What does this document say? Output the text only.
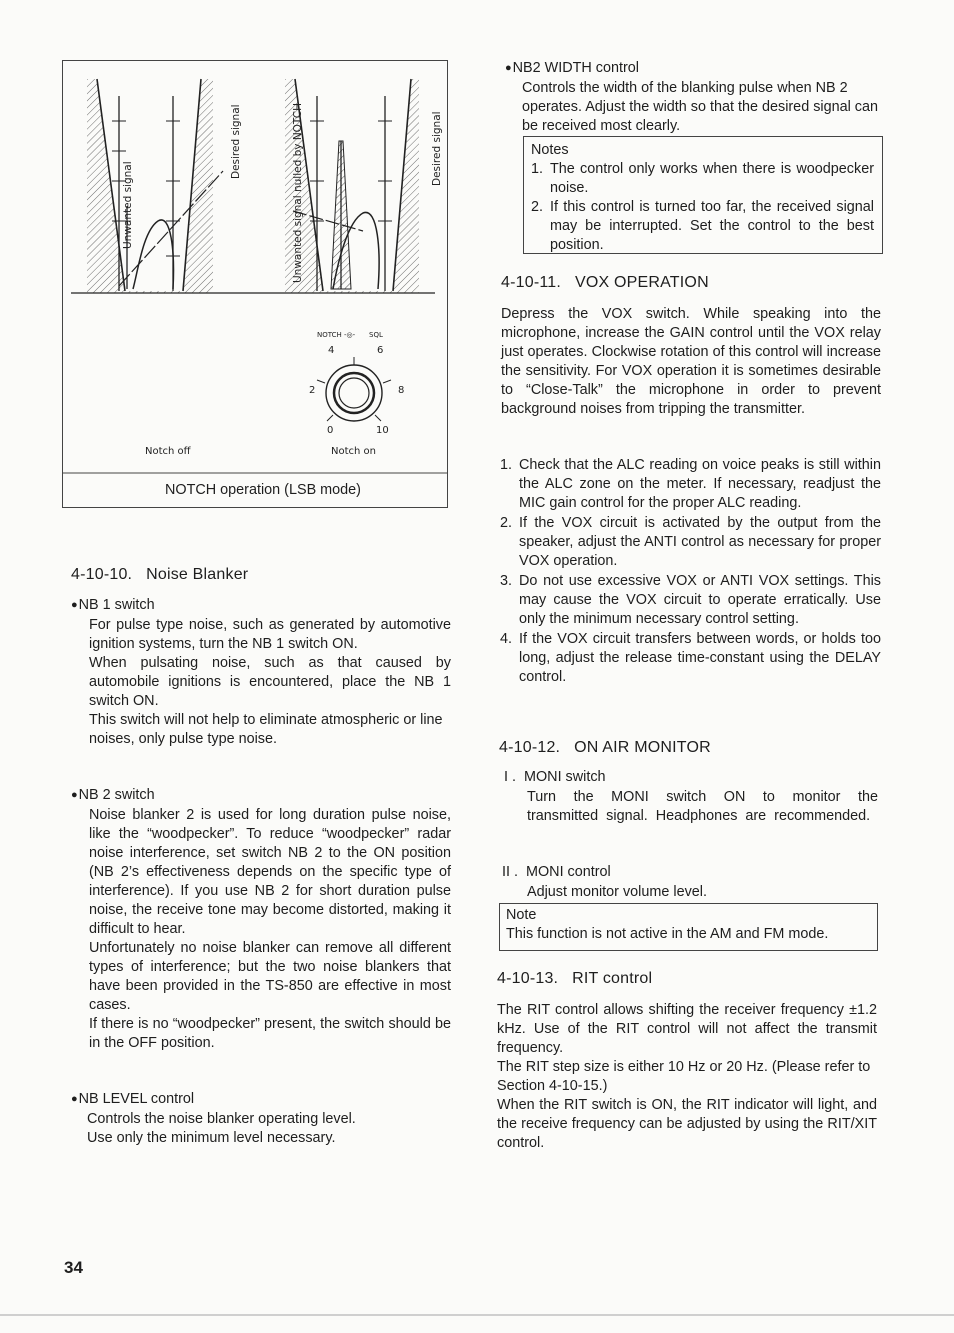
Unwanted signal
Desired signal	Unwanted signal nulled by NOTCH	Desired signal
NOTCH -◎- SQL
2
4	6
8
0	10
Notch off	Notch on
NOTCH operation (LSB mode)
4-10-10.   Noise Blanker
● NB 1 switch

For pulse type noise, such as generated by automotive ignition systems, turn the NB 1 switch ON.

When pulsating noise, such as that caused by automobile ignitions is encountered, place the NB 1 switch ON.

This switch will not help to eliminate atmospheric or line noises, only pulse type noise.

● NB 2 switch

Noise blanker 2 is used for long duration pulse noise, like the “woodpecker”. To reduce “woodpecker” radar noise interference, set switch NB 2 to the ON position (NB 2’s effectiveness depends on the specific type of interference). If you use NB 2 for short duration pulse noise, the receive tone may become distorted, making it difficult to hear.

Unfortunately no noise blanker can remove all different types of interference; but the two noise blankers that have been provided in the TS-850 are effective in most cases.

If there is no “woodpecker” present, the switch should be in the OFF position.

● NB LEVEL control

Controls the noise blanker operating level.

Use only the minimum level necessary.

34
● NB2 WIDTH control

Controls the width of the blanking pulse when NB 2 operates. Adjust the width so that the desired signal can be received most clearly.

Notes
1. The control only works when there is woodpecker noise.
2. If this control is turned too far, the received signal may be interrupted. Set the control to the best position.
4-10-11.   VOX OPERATION

Depress the VOX switch. While speaking into the microphone, increase the GAIN control until the VOX relay just operates. Clockwise rotation of this control will increase the sensitivity. For VOX operation it is sometimes desirable to “Close-Talk” the microphone in order to prevent background noises from tripping the transmitter.

1. Check that the ALC reading on voice peaks is still within the ALC zone on the meter. If necessary, readjust the MIC gain control for the proper ALC reading.
2. If the VOX circuit is activated by the output from the speaker, adjust the ANTI control as necessary for proper VOX operation.
3. Do not use excessive VOX or ANTI VOX settings. This may cause the VOX circuit to operate erratically. Use only the minimum necessary control setting.
4. If the VOX circuit transfers between words, or holds too long, adjust the release time-constant using the DELAY control.
4-10-12.   ON AIR MONITOR
I .  MONI switch

Turn the MONI switch ON to monitor the transmitted signal. Headphones are recommended.

II .  MONI control
Adjust monitor volume level.
Note
This function is not active in the AM and FM mode.
4-10-13.   RIT control

The RIT control allows shifting the receiver frequency ±1.2 kHz. Use of the RIT control will not affect the transmit frequency.

The RIT step size is either 10 Hz or 20 Hz. (Please refer to Section 4-10-15.)

When the RIT switch is ON, the RIT indicator will light, and the receive frequency can be adjusted by using the RIT/XIT control.
